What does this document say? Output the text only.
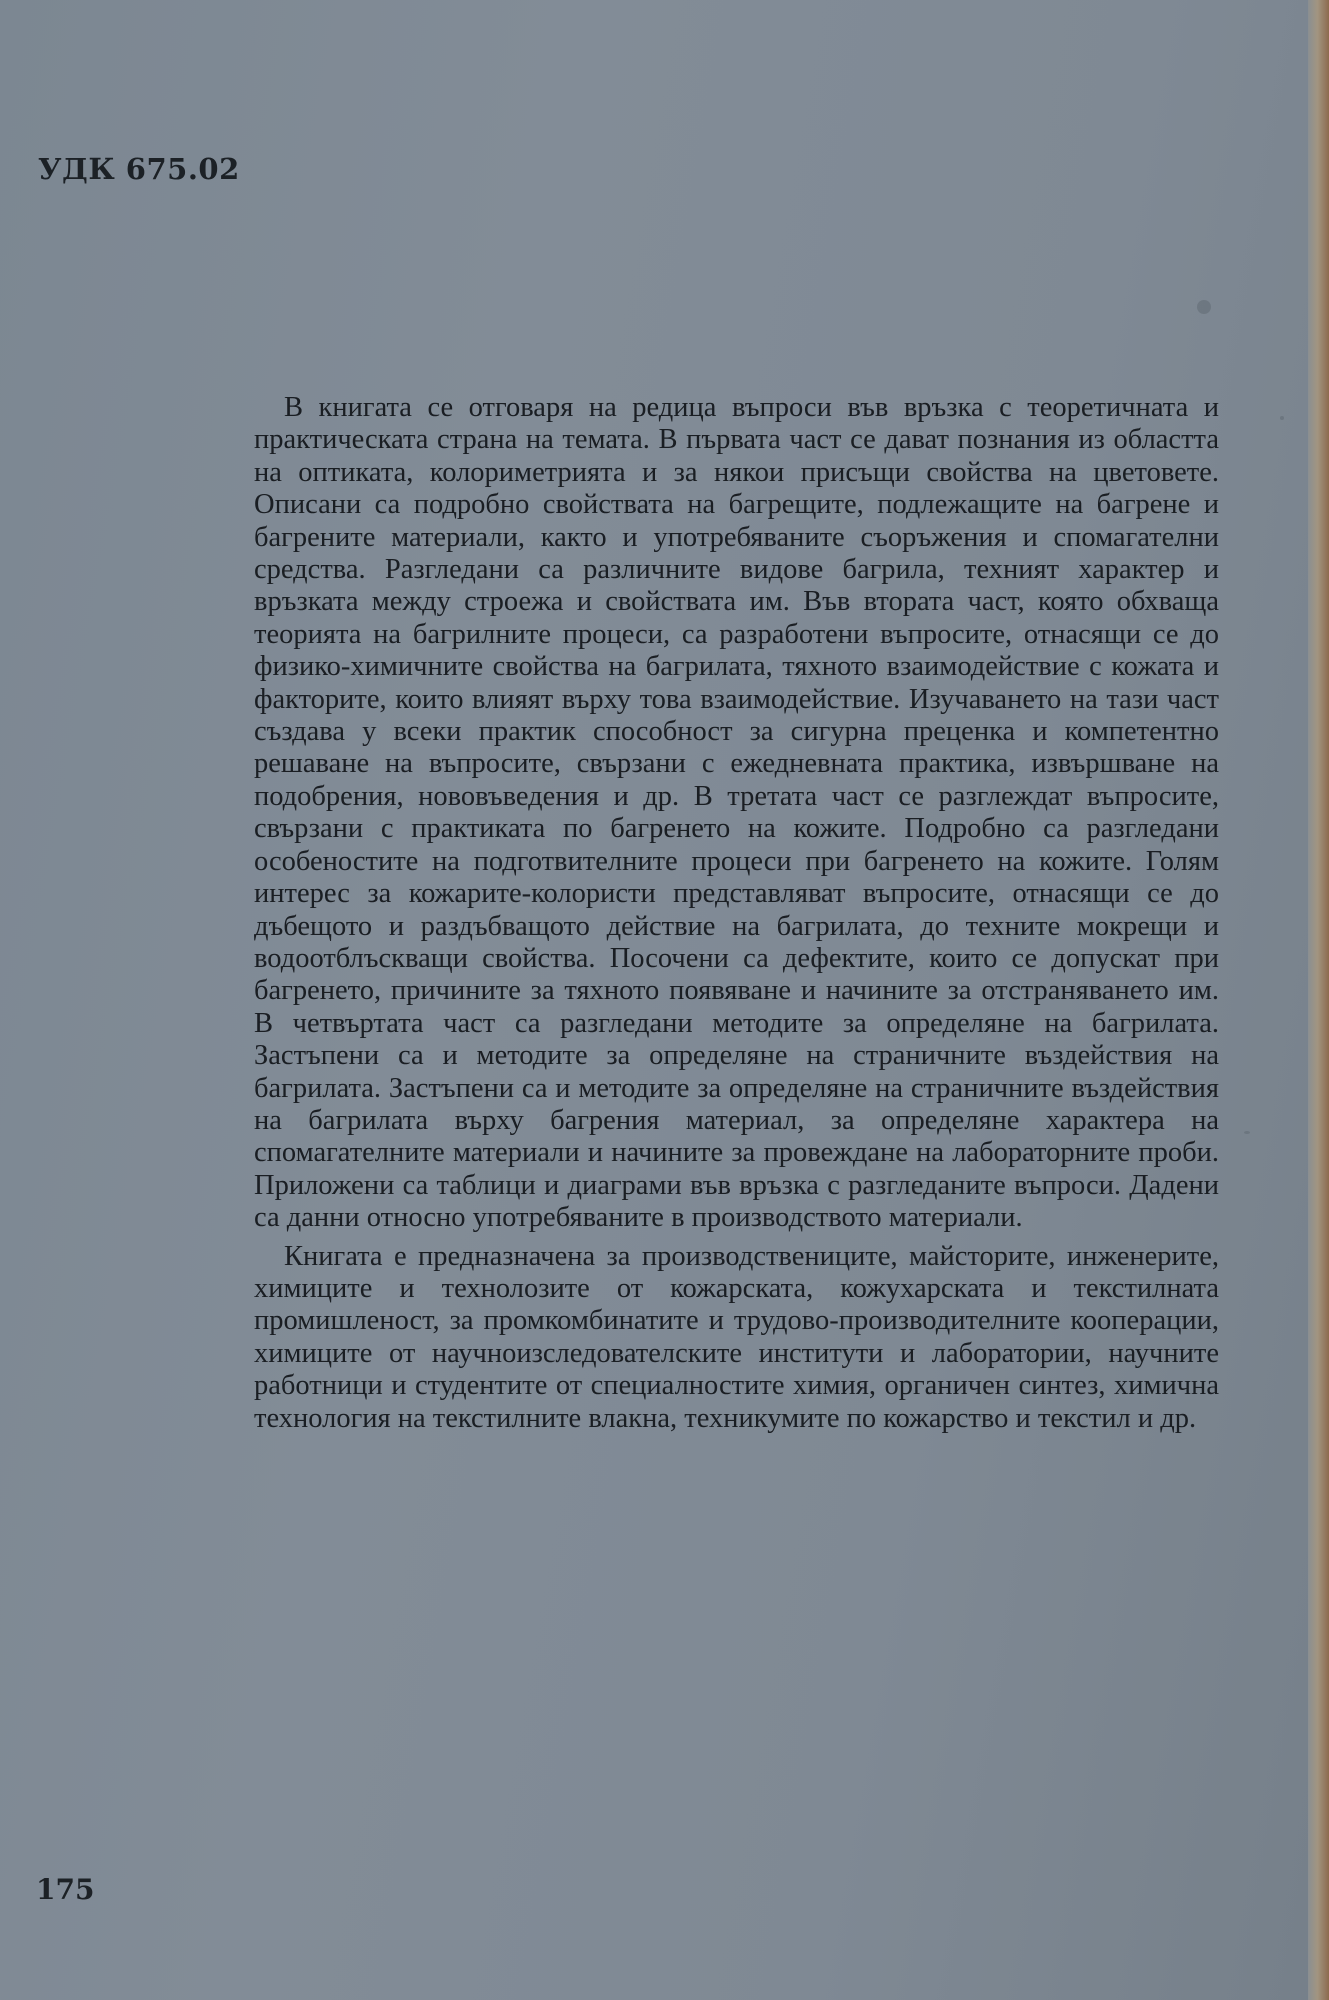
УДК 675.02

В книгата се отговаря на редица въпроси във връзка с теоретичната и практическата страна на темата. В първата част се дават познания из областта на оптиката, колориметрията и за някои присъщи свойства на цветовете. Описани са подробно свойствата на багрещите, подлежащите на багрене и багрените материали, както и употребяваните съоръжения и спомагателни средства. Разгледани са различните видове багрила, техният характер и връзката между строежа и свойствата им. Във втората част, която обхваща теорията на багрилните процеси, са разработени въпросите, отнасящи се до физико-химичните свойства на багрилата, тяхното взаимодействие с кожата и факторите, които влияят върху това взаимодействие. Изучаването на тази част създава у всеки практик способност за сигурна преценка и компетентно решаване на въпросите, свързани с ежедневната практика, извършване на подобрения, нововъведения и др. В третата част се разглеждат въпросите, свързани с практиката по багренето на кожите. Подробно са разгледани особеностите на подготвителните процеси при багренето на кожите. Голям интерес за кожарите-колористи представляват въпросите, отнасящи се до дъбещото и раздъбващото действие на багрилата, до техните мокрещи и водоотблъскващи свойства. Посочени са дефектите, които се допускат при багренето, причините за тяхното появяване и начините за отстраняването им. В четвъртата част са разгледани методите за определяне на багрилата. Застъпени са и методите за определяне на страничните въздействия на багрилата. Застъпени са и методите за определяне на страничните въздействия на багрилата върху багрения материал, за определяне характера на спомагателните материали и начините за провеждане на лабораторните проби. Приложени са таблици и диаграми във връзка с разгледаните въпроси. Дадени са данни относно употребяваните в производството материали.

Книгата е предназначена за производствениците, майсторите, инженерите, химиците и технолозите от кожарската, кожухарската и текстилната промишленост, за промкомбинатите и трудово-производителните кооперации, химиците от научноизследователските институти и лаборатории, научните работници и студентите от специалностите химия, органичен синтез, химична технология на текстилните влакна, техникумите по кожарство и текстил и др.

175
